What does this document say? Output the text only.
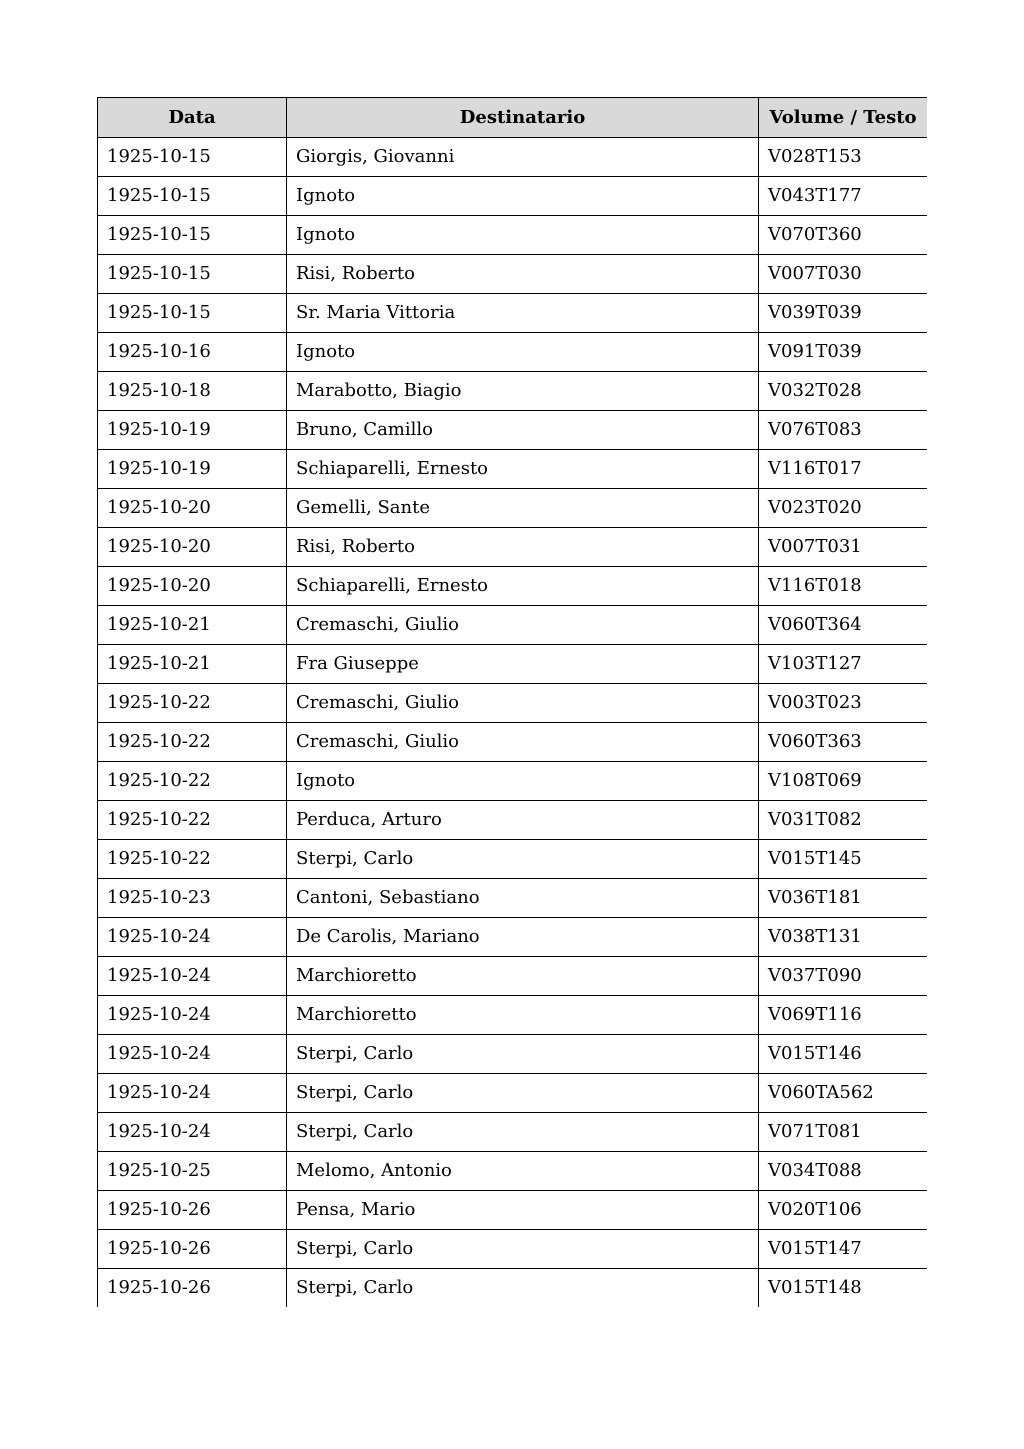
Data	Destinatario	Volume / Testo
1925-10-15	Giorgis, Giovanni	V028T153
1925-10-15	Ignoto	V043T177
1925-10-15	Ignoto	V070T360
1925-10-15	Risi, Roberto	V007T030
1925-10-15	Sr. Maria Vittoria	V039T039
1925-10-16	Ignoto	V091T039
1925-10-18	Marabotto, Biagio	V032T028
1925-10-19	Bruno, Camillo	V076T083
1925-10-19	Schiaparelli, Ernesto	V116T017
1925-10-20	Gemelli, Sante	V023T020
1925-10-20	Risi, Roberto	V007T031
1925-10-20	Schiaparelli, Ernesto	V116T018
1925-10-21	Cremaschi, Giulio	V060T364
1925-10-21	Fra Giuseppe	V103T127
1925-10-22	Cremaschi, Giulio	V003T023
1925-10-22	Cremaschi, Giulio	V060T363
1925-10-22	Ignoto	V108T069
1925-10-22	Perduca, Arturo	V031T082
1925-10-22	Sterpi, Carlo	V015T145
1925-10-23	Cantoni, Sebastiano	V036T181
1925-10-24	De Carolis, Mariano	V038T131
1925-10-24	Marchioretto	V037T090
1925-10-24	Marchioretto	V069T116
1925-10-24	Sterpi, Carlo	V015T146
1925-10-24	Sterpi, Carlo	V060TA562
1925-10-24	Sterpi, Carlo	V071T081
1925-10-25	Melomo, Antonio	V034T088
1925-10-26	Pensa, Mario	V020T106
1925-10-26	Sterpi, Carlo	V015T147
1925-10-26	Sterpi, Carlo	V015T148
